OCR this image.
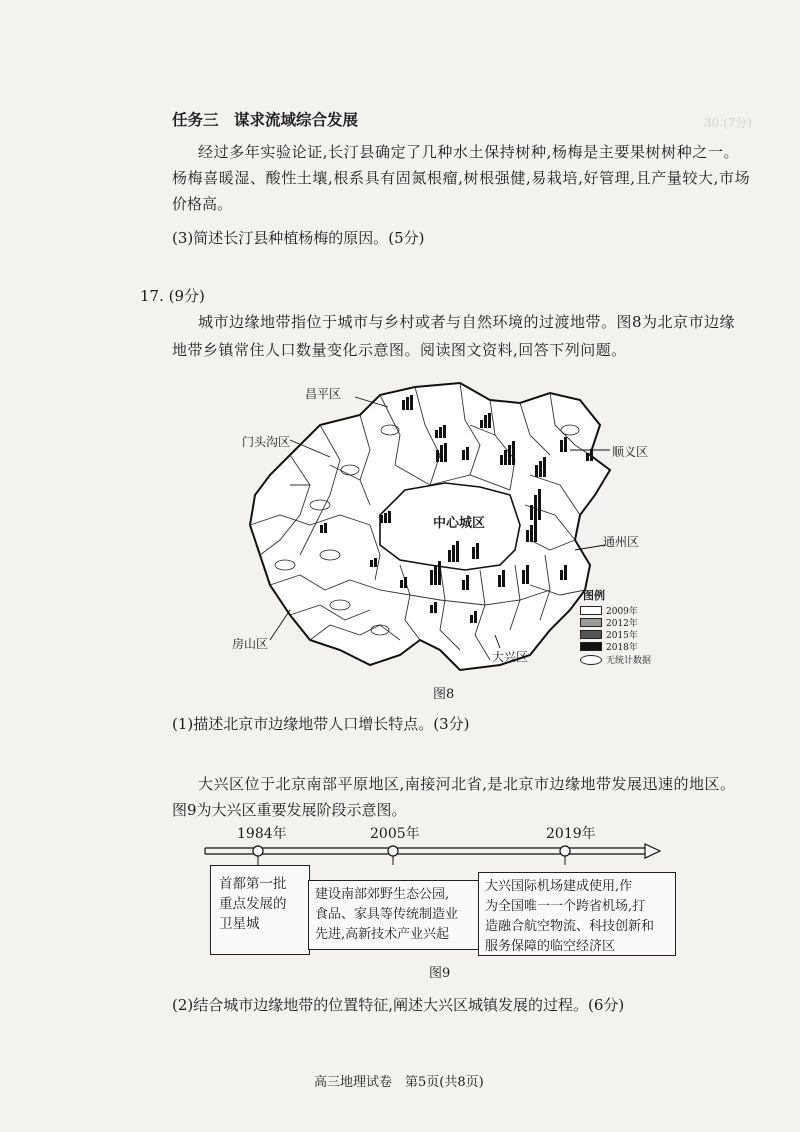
30.(7分)
任务三　谋求流域综合发展
经过多年实验论证,长汀县确定了几种水土保持树种,杨梅是主要果树树种之一。
杨梅喜暖湿、酸性土壤,根系具有固氮根瘤,树根强健,易栽培,好管理,且产量较大,市场
价格高。
(3)简述长汀县种植杨梅的原因。(5分)
17. (9分)
城市边缘地带指位于城市与乡村或者与自然环境的过渡地带。图8为北京市边缘
地带乡镇常住人口数量变化示意图。阅读图文资料,回答下列问题。
昌平区
门头沟区
顺义区
中心城区
通州区
房山区
大兴区
图例
2009年
2012年
2015年
2018年
无统计数据
图8
(1)描述北京市边缘地带人口增长特点。(3分)
大兴区位于北京南部平原地区,南接河北省,是北京市边缘地带发展迅速的地区。
图9为大兴区重要发展阶段示意图。
1984年	2005年	2019年
首都第一批
重点发展的
卫星城
建设南部郊野生态公园,
食品、家具等传统制造业
先进,高新技术产业兴起
大兴国际机场建成使用,作
为全国唯一一个跨省机场,打
造融合航空物流、科技创新和
服务保障的临空经济区
图9
(2)结合城市边缘地带的位置特征,阐述大兴区城镇发展的过程。(6分)
高三地理试卷　第5页(共8页)
